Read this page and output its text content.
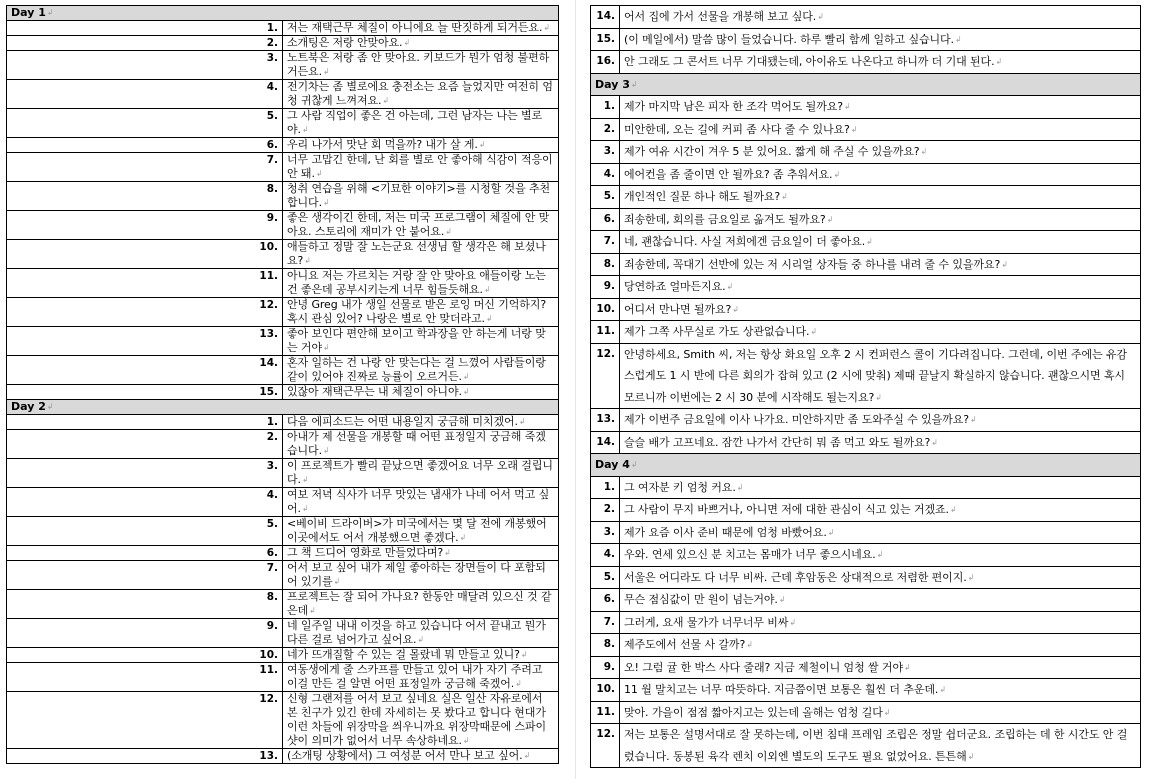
Day 1↲
1.	저는 재택근무 체질이 아니에요 늘 딴짓하게 되거든요.↲
2.	소개팅은 저랑 안맞아요.↲
3.	노트북은 저랑 좀 안 맞아요. 키보드가 뭔가 엄청 불편하거든요.↲
4.	전기차는 좀 별로에요 충전소는 요즘 늘었지만 여전히 엄청 귀찮게 느껴져요.↲
5.	그 사람 직업이 좋은 건 아는데, 그런 남자는 나는 별로야.↲
6.	우리 나가서 맛난 회 먹을까? 내가 살 게.↲
7.	너무 고맙긴 한데, 난 회를 별로 안 좋아해 식감이 적응이 안 돼.↲
8.	청취 연습을 위해 <기묘한 이야기>를 시청할 것을 추천합니다.↲
9.	좋은 생각이긴 한데, 저는 미국 프로그램이 체질에 안 맞아요. 스토리에 재미가 안 붙어요.↲
10.	애들하고 정말 잘 노는군요 선생님 할 생각은 해 보셨나요?↲
11.	아니요 저는 가르치는 거랑 잘 안 맞아요 애들이랑 노는 건 좋은데 공부시키는게 너무 힘들듯해요.↲
12.	안녕 Greg 내가 생일 선물로 받은 로잉 머신 기억하지? 혹시 관심 있어? 나랑은 별로 안 맞더라고.↲
13.	좋아 보인다 편안해 보이고 학과장을 안 하는게 너랑 맞는 거야↲
14.	혼자 일하는 건 나랑 안 맞는다는 걸 느꼈어 사람들이랑 같이 있어야 진짜로 능률이 오르거든.↲
15.	있잖아 재택근무는 내 체질이 아니야.↲
Day 2↲
1.	다음 에피소드는 어떤 내용일지 궁금해 미치겠어.↲
2.	아내가 제 선물을 개봉할 때 어떤 표정일지 궁금해 죽겠습니다.↲
3.	이 프로젝트가 빨리 끝났으면 좋겠어요 너무 오래 걸립니다.↲
4.	여보 저녁 식사가 너무 맛있는 냄새가 나네 어서 먹고 싶어.↲
5.	<베이비 드라이버>가 미국에서는 몇 달 전에 개봉했어 이곳에서도 어서 개봉했으면 좋겠다.↲
6.	그 책 드디어 영화로 만들었다며?↲
7.	어서 보고 싶어 내가 제일 좋아하는 장면들이 다 포함되어 있기를↲
8.	프로젝트는 잘 되어 가나요? 한동안 매달려 있으신 것 같은데↲
9.	네 일주일 내내 이것을 하고 있습니다 어서 끝내고 뭔가 다른 걸로 넘어가고 싶어요.↲
10.	네가 뜨개질할 수 있는 걸 몰랐네 뭐 만들고 있니?↲
11.	여동생에게 줄 스카프를 만들고 있어 내가 자기 주려고 이걸 만든 걸 알면 어떤 표정일까 궁금해 죽겠어.↲
12.	신형 그랜저를 어서 보고 싶네요 실은 일산 자유로에서 본 친구가 있긴 한데 자세히는 못 봤다고 합니다 현대가 이런 차들에 위장막을 씌우니까요 위장막때문에 스파이샷이 의미가 없어서 너무 속상하네요.↲
13.	(소개팅 상황에서) 그 여성분 어서 만나 보고 싶어.↲
14.	어서 집에 가서 선물을 개봉해 보고 싶다.↲
15.	(이 메일에서) 말씀 많이 들었습니다. 하루 빨리 함께 일하고 싶습니다.↲
16.	안 그래도 그 콘서트 너무 기대됐는데, 아이유도 나온다고 하니까 더 기대 된다.↲
Day 3↲
1.	제가 마지막 남은 피자 한 조각 먹어도 될까요?↲
2.	미안한데, 오는 길에 커피 좀 사다 줄 수 있나요?↲
3.	제가 여유 시간이 겨우 5 분 있어요. 짧게 해 주실 수 있을까요?↲
4.	에어컨을 좀 줄이면 안 될까요? 좀 추워서요.↲
5.	개인적인 질문 하나 해도 될까요?↲
6.	죄송한데, 회의를 금요일로 옮겨도 될까요?↲
7.	네, 괜찮습니다. 사실 저희에겐 금요일이 더 좋아요.↲
8.	죄송한데, 꼭대기 선반에 있는 저 시리얼 상자들 중 하나를 내려 줄 수 있을까요?↲
9.	당연하죠 얼마든지요.↲
10.	어디서 만나면 될까요?↲
11.	제가 그쪽 사무실로 가도 상관없습니다.↲
12.	안녕하세요, Smith 씨, 저는 항상 화요일 오후 2 시 컨퍼런스 콜이 기다려집니다. 그런데, 이번 주에는 유감스럽게도 1 시 반에 다른 회의가 잡혀 있고 (2 시에 맞춰) 제때 끝날지 확실하지 않습니다. 괜찮으시면 혹시 모르니까 이번에는 2 시 30 분에 시작해도 될는지요?↲
13.	제가 이번주 금요일에 이사 나가요. 미안하지만 좀 도와주실 수 있을까요?↲
14.	슬슬 배가 고프네요. 잠깐 나가서 간단히 뭐 좀 먹고 와도 될까요?↲
Day 4↲
1.	그 여자분 키 엄청 커요.↲
2.	그 사람이 무지 바쁘거나, 아니면 저에 대한 관심이 식고 있는 거겠죠.↲
3.	제가 요즘 이사 준비 때문에 엄청 바빴어요.↲
4.	우와. 연세 있으신 분 치고는 몸매가 너무 좋으시네요.↲
5.	서울은 어디라도 다 너무 비싸. 근데 후암동은 상대적으로 저렴한 편이지.↲
6.	무슨 점심값이 만 원이 넘는거야.↲
7.	그러게, 요새 물가가 너무너무 비싸↲
8.	제주도에서 선물 사 갈까?↲
9.	오! 그럼 귤 한 박스 사다 줄래? 지금 제철이니 엄청 쌀 거야↲
10.	11 월 말치고는 너무 따뜻하다. 지금쯤이면 보통은 훨씬 더 추운데.↲
11.	맞아. 가을이 점점 짧아지고는 있는데 올해는 엄청 길다↲
12.	저는 보통은 설명서대로 잘 못하는데, 이번 침대 프레임 조립은 정말 쉽더군요. 조립하는 데 한 시간도 안 걸렸습니다. 동봉된 육각 렌치 이외엔 별도의 도구도 필요 없었어요. 튼튼해↲
